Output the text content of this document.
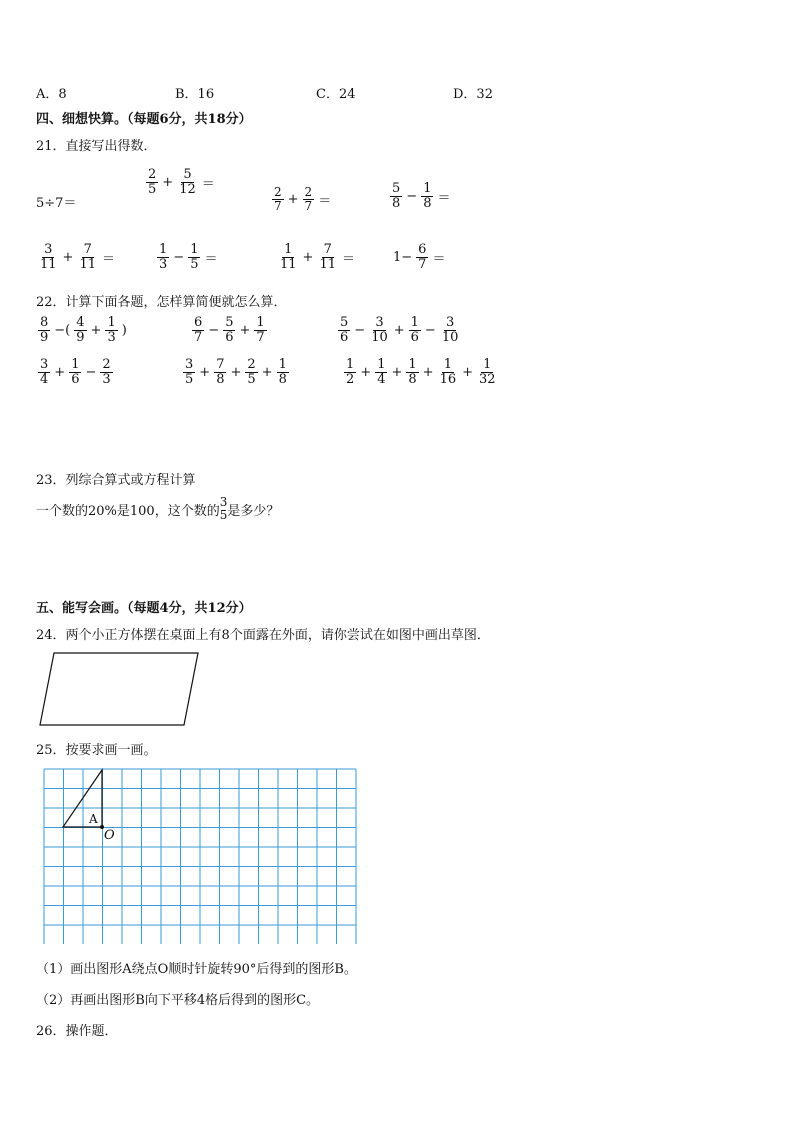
A．8	B．16	C．24	D．32
四、细想快算。（每题6分，共18分）
21．直接写出得数．
5÷7＝
$\frac{2}{5} + \frac{5}{12}$ ＝
$\frac{2}{7} + \frac{2}{7}$ ＝	$\frac{5}{8} - \frac{1}{8}$ ＝
$\frac{3}{11} + \frac{7}{11}$ ＝	$\frac{1}{3} - \frac{1}{5}$ ＝	$\frac{1}{11} + \frac{7}{11}$ ＝	$1- \frac{6}{7}$ ＝
22．计算下面各题，怎样算简便就怎么算．
$\frac{8}{9}$ −( $\frac{4}{9} + \frac{1}{3}$ )	$\frac{6}{7} - \frac{5}{6} + \frac{1}{7}$	$\frac{5}{6} - \frac{3}{10} + \frac{1}{6} - \frac{3}{10}$
$\frac{3}{4} + \frac{1}{6} - \frac{2}{3}$	$\frac{3}{5} + \frac{7}{8} + \frac{2}{5} + \frac{1}{8}$	$\frac{1}{2} + \frac{1}{4} + \frac{1}{8} + \frac{1}{16} + \frac{1}{32}$
23．列综合算式或方程计算
一个数的20%是100，这个数的
3
5 是多少？
五、能写会画。（每题4分，共12分）
24．两个小正方体摆在桌面上有8个面露在外面，请你尝试在如图中画出草图．
25．按要求画一画。
A
O
（1）画出图形A绕点O顺时针旋转90°后得到的图形B。
（2）再画出图形B向下平移4格后得到的图形C。
26．操作题．
